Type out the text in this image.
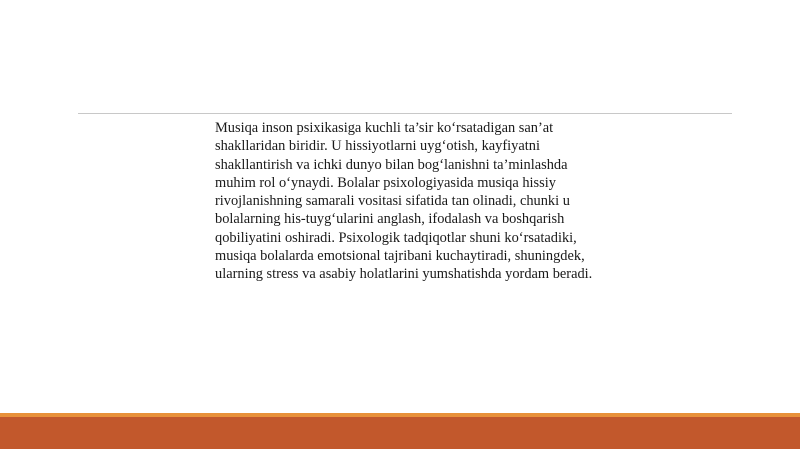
Musiqa inson psixikasiga kuchli ta’sir ko‘rsatadigan san’at
shakllaridan biridir. U hissiyotlarni uyg‘otish, kayfiyatni
shakllantirish va ichki dunyo bilan bog‘lanishni ta’minlashda
muhim rol o‘ynaydi. Bolalar psixologiyasida musiqa hissiy
rivojlanishning samarali vositasi sifatida tan olinadi, chunki u
bolalarning his-tuyg‘ularini anglash, ifodalash va boshqarish
qobiliyatini oshiradi. Psixologik tadqiqotlar shuni ko‘rsatadiki,
musiqa bolalarda emotsional tajribani kuchaytiradi, shuningdek,
ularning stress va asabiy holatlarini yumshatishda yordam beradi.
